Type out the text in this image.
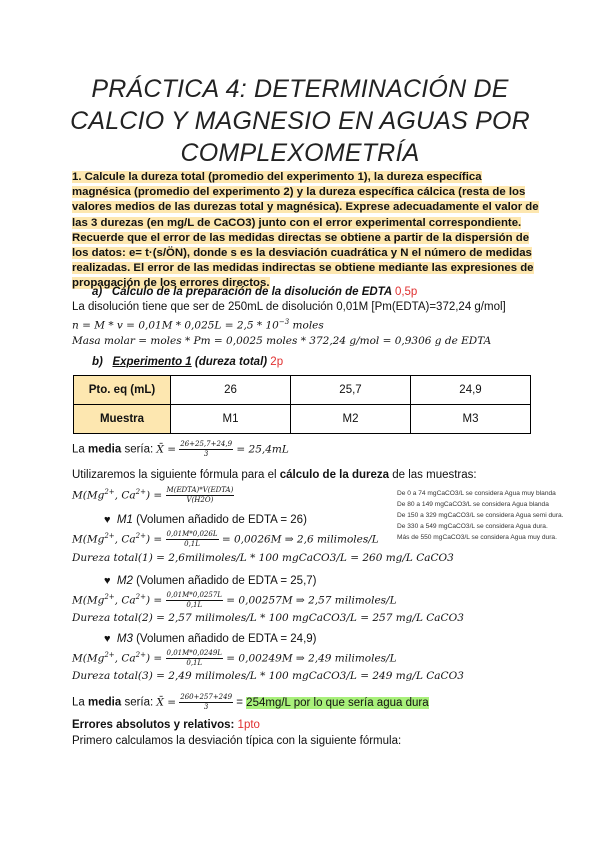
PRÁCTICA 4: DETERMINACIÓN DE
CALCIO Y MAGNESIO EN AGUAS POR
COMPLEXOMETRÍA
1. Calcule la dureza total (promedio del experimento 1), la dureza específica
magnésica (promedio del experimento 2) y la dureza específica cálcica (resta de los
valores medios de las durezas total y magnésica). Exprese adecuadamente el valor de
las 3 durezas (en mg/L de CaCO3) junto con el error experimental correspondiente.
Recuerde que el error de las medidas directas se obtiene a partir de la dispersión de
los datos: e= t·(s/ÖN), donde s es la desviación cuadrática y N el número de medidas
realizadas. El error de las medidas indirectas se obtiene mediante las expresiones de
propagación de los errores directos.
a) Cálculo de la preparación de la disolución de EDTA 0,5p
La disolución tiene que ser de 250mL de disolución 0,01M [Pm(EDTA)=372,24 g/mol]
$n = M * v = 0,01M * 0,025L = 2,5 * 10^{-3}$ moles
Masa molar = moles * Pm = 0,0025 moles * 372,24 g/mol = 0,9306 g de EDTA
b) Experimento 1 (dureza total) 2p
Pto. eq (mL)	26	25,7	24,9
Muestra	M1	M2	M3
La media sería: X̄ = $\frac{26+25,7+24,9}{3} = 25,4mL$
Utilizaremos la siguiente fórmula para el cálculo de la dureza de las muestras:
$M(Mg^{2+}$, $Ca^{2+}) = \frac{\text{M(EDTA)*V(EDTA)}}{V(H2O)}$	De 0 a 74 mgCaCO3/L se considera Agua muy blanda
De 80 a 149 mgCaCO3/L se considera Agua blanda
De 150 a 329 mgCaCO3/L se considera Agua semi dura.
De 330 a 549 mgCaCO3/L se considera Agua dura.
Más de 550 mgCaCO3/L se considera Agua muy dura.
♥ M1 (Volumen añadido de EDTA = 26)
$M(Mg^{2+}$, $Ca^{2+}) = \frac{0,01M*0,026L}{0,1L} = 0,0026M$ ⇒ 2,6 milimoles/L
Dureza total(1) = 2,6milimoles/L * 100 mgCaCO3/L = 260 mg/L CaCO3
♥ M2 (Volumen añadido de EDTA = 25,7)
$M(Mg^{2+}$, $Ca^{2+}) = \frac{0,01M*0,0257L}{0,1L} = 0,00257M$ ⇒ 2,57 milimoles/L
Dureza total(2) = 2,57 milimoles/L * 100 mgCaCO3/L = 257 mg/L CaCO3
♥ M3 (Volumen añadido de EDTA = 24,9)
$M(Mg^{2+}$, $Ca^{2+}) = \frac{0,01M*0,0249L}{0,1L} = 0,00249M$ ⇒ 2,49 milimoles/L
Dureza total(3) = 2,49 milimoles/L * 100 mgCaCO3/L = 249 mg/L CaCO3
La media sería: X̄ = $\frac{260+257+249}{3} = 254mg/L$ por lo que sería agua dura
Errores absolutos y relativos: 1pto
Primero calculamos la desviación típica con la siguiente fórmula:
